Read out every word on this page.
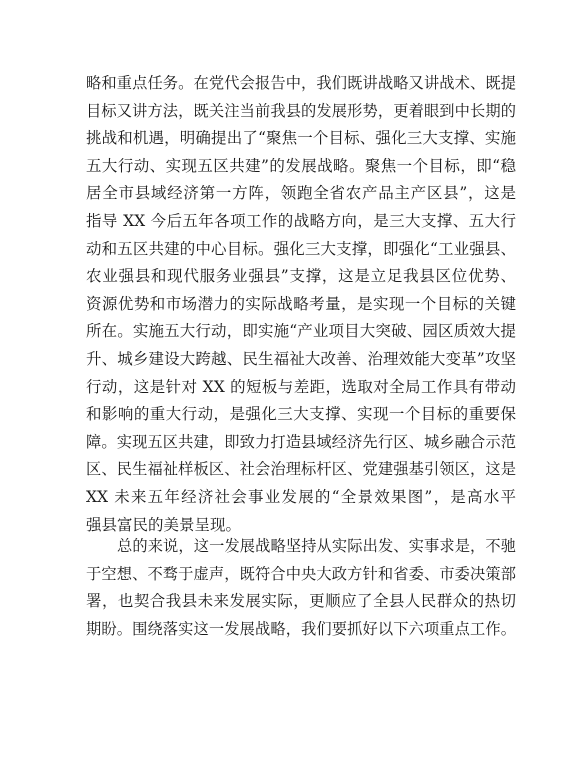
略和重点任务。在党代会报告中，我们既讲战略又讲战术、既提
目标又讲方法，既关注当前我县的发展形势，更着眼到中长期的
挑战和机遇，明确提出了“聚焦一个目标、强化三大支撑、实施
五大行动、实现五区共建”的发展战略。聚焦一个目标，即“稳
居全市县域经济第一方阵，领跑全省农产品主产区县”，这是
指导 XX 今后五年各项工作的战略方向，是三大支撑、五大行
动和五区共建的中心目标。强化三大支撑，即强化“工业强县、
农业强县和现代服务业强县”支撑，这是立足我县区位优势、
资源优势和市场潜力的实际战略考量，是实现一个目标的关键
所在。实施五大行动，即实施“产业项目大突破、园区质效大提
升、城乡建设大跨越、民生福祉大改善、治理效能大变革”攻坚
行动，这是针对 XX 的短板与差距，选取对全局工作具有带动
和影响的重大行动，是强化三大支撑、实现一个目标的重要保
障。实现五区共建，即致力打造县域经济先行区、城乡融合示范
区、民生福祉样板区、社会治理标杆区、党建强基引领区，这是
XX 未来五年经济社会事业发展的“全景效果图”，是高水平
强县富民的美景呈现。
总的来说，这一发展战略坚持从实际出发、实事求是，不驰
于空想、不骛于虚声，既符合中央大政方针和省委、市委决策部
署，也契合我县未来发展实际，更顺应了全县人民群众的热切
期盼。围绕落实这一发展战略，我们要抓好以下六项重点工作。
